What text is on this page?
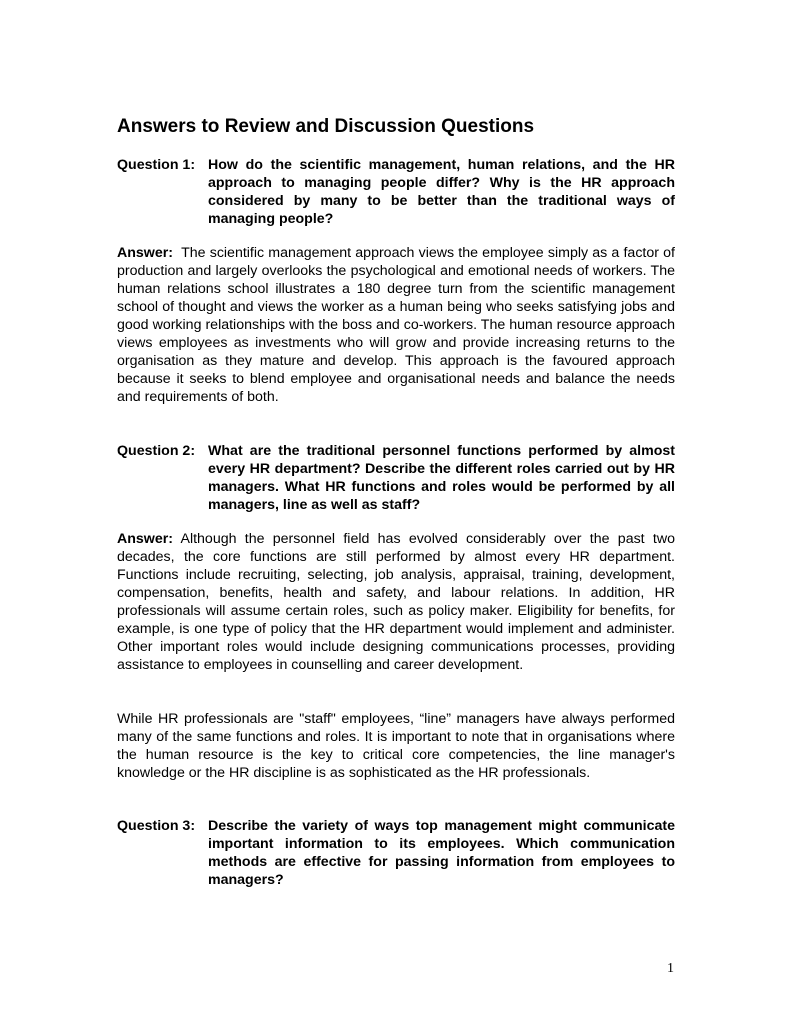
Answers to Review and Discussion Questions
Question 1: How do the scientific management, human relations, and the HR approach to managing people differ? Why is the HR approach considered by many to be better than the traditional ways of managing people?

Answer: The scientific management approach views the employee simply as a factor of production and largely overlooks the psychological and emotional needs of workers. The human relations school illustrates a 180 degree turn from the scientific management school of thought and views the worker as a human being who seeks satisfying jobs and good working relationships with the boss and co-workers. The human resource approach views employees as investments who will grow and provide increasing returns to the organisation as they mature and develop. This approach is the favoured approach because it seeks to blend employee and organisational needs and balance the needs and requirements of both.

Question 2: What are the traditional personnel functions performed by almost every HR department? Describe the different roles carried out by HR managers. What HR functions and roles would be performed by all managers, line as well as staff?

Answer: Although the personnel field has evolved considerably over the past two decades, the core functions are still performed by almost every HR department. Functions include recruiting, selecting, job analysis, appraisal, training, development, compensation, benefits, health and safety, and labour relations. In addition, HR professionals will assume certain roles, such as policy maker. Eligibility for benefits, for example, is one type of policy that the HR department would implement and administer. Other important roles would include designing communications processes, providing assistance to employees in counselling and career development.

While HR professionals are "staff" employees, “line” managers have always performed many of the same functions and roles. It is important to note that in organisations where the human resource is the key to critical core competencies, the line manager's knowledge or the HR discipline is as sophisticated as the HR professionals.

Question 3: Describe the variety of ways top management might communicate important information to its employees. Which communication methods are effective for passing information from employees to managers?
1
